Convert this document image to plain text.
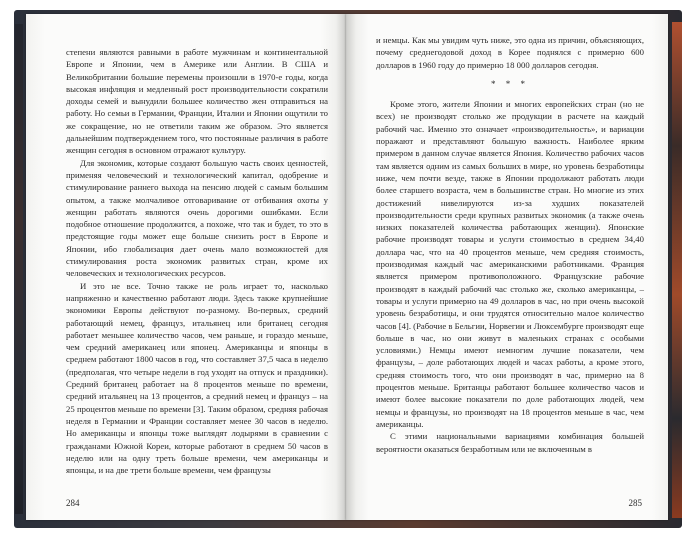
степени являются равными в работе мужчинам и континентальной Европе и Японии, чем в Америке или Англии. В США и Великобритании большие перемены произошли в 1970-е годы, когда высокая инфляция и медленный рост производительности сократили доходы семей и вынудили большее количество жен отправиться на работу. Но семьи в Германии, Франции, Италии и Японии ощутили то же сокращение, но не ответили таким же образом. Это является дальнейшим подтверждением того, что постоянные различия в работе женщин сегодня в основном отражают культуру.

Для экономик, которые создают большую часть своих ценностей, применяя человеческий и технологический капитал, одобрение и стимулирование раннего выхода на пенсию людей с самым большим опытом, а также молчаливое отговаривание от отбивания охоты у женщин работать являются очень дорогими ошибками. Если подобное отношение продолжится, а похоже, что так и будет, то это в предстоящие годы может еще больше снизить рост в Европе и Японии, ибо глобализация дает очень мало возможностей для стимулирования роста экономик развитых стран, кроме их человеческих и технологических ресурсов.

И это не все. Точно также не роль играет то, насколько напряженно и качественно работают люди. Здесь также крупнейшие экономики Европы действуют по-разному. Во-первых, средний работающий немец, француз, итальянец или британец сегодня работает меньшее количество часов, чем раньше, и гораздо меньше, чем средний американец или японец. Американцы и японцы в среднем работают 1800 часов в год, что составляет 37,5 часа в неделю (предполагая, что четыре недели в год уходят на отпуск и праздники). Средний британец работает на 8 процентов меньше по времени, средний итальянец на 13 процентов, а средний немец и француз – на 25 процентов меньше по времени [3]. Таким образом, средняя рабочая неделя в Германии и Франции составляет менее 30 часов в неделю. Но американцы и японцы тоже выглядят лодырями в сравнении с гражданами Южной Кореи, которые работают в среднем 50 часов в неделю или на одну треть больше времени, чем американцы и японцы, и на две трети больше времени, чем французы

284

и немцы. Как мы увидим чуть ниже, это одна из причин, объясняющих, почему среднегодовой доход в Корее поднялся с примерно 600 долларов в 1960 году до примерно 18 000 долларов сегодня.

* * *

Кроме этого, жители Японии и многих европейских стран (но не всех) не производят столько же продукции в расчете на каждый рабочий час. Именно это означает «производительность», и вариации поражают и представляют большую важность. Наиболее ярким примером в данном случае является Япония. Количество рабочих часов там является одним из самых больших в мире, но уровень безработицы ниже, чем почти везде, также в Японии продолжают работать люди более старшего возраста, чем в большинстве стран. Но многие из этих достижений нивелируются из-за худших показателей производительности среди крупных развитых экономик (а также очень низких показателей количества работающих женщин). Японские рабочие производят товары и услуги стоимостью в среднем 34,40 доллара час, что на 40 процентов меньше, чем средняя стоимость, производимая каждый час американскими работниками. Франция является примером противоположного. Французские рабочие производят в каждый рабочий час столько же, сколько американцы, – товары и услуги примерно на 49 долларов в час, но при очень высокой уровень безработицы, и они трудятся относительно малое количество часов [4]. (Рабочие в Бельгии, Норвегии и Люксембурге производят еще больше в час, но они живут в маленьких странах с особыми условиями.) Немцы имеют немногим лучшие показатели, чем французы, – доле работающих людей и часах работы, а кроме этого, средняя стоимость того, что они производят в час, примерно на 8 процентов меньше. Британцы работают большее количество часов и имеют более высокие показатели по доле работающих людей, чем немцы и французы, но производят на 18 процентов меньше в час, чем американцы.

С этими национальными вариациями комбинация большей вероятности оказаться безработным или не включенным в

285
